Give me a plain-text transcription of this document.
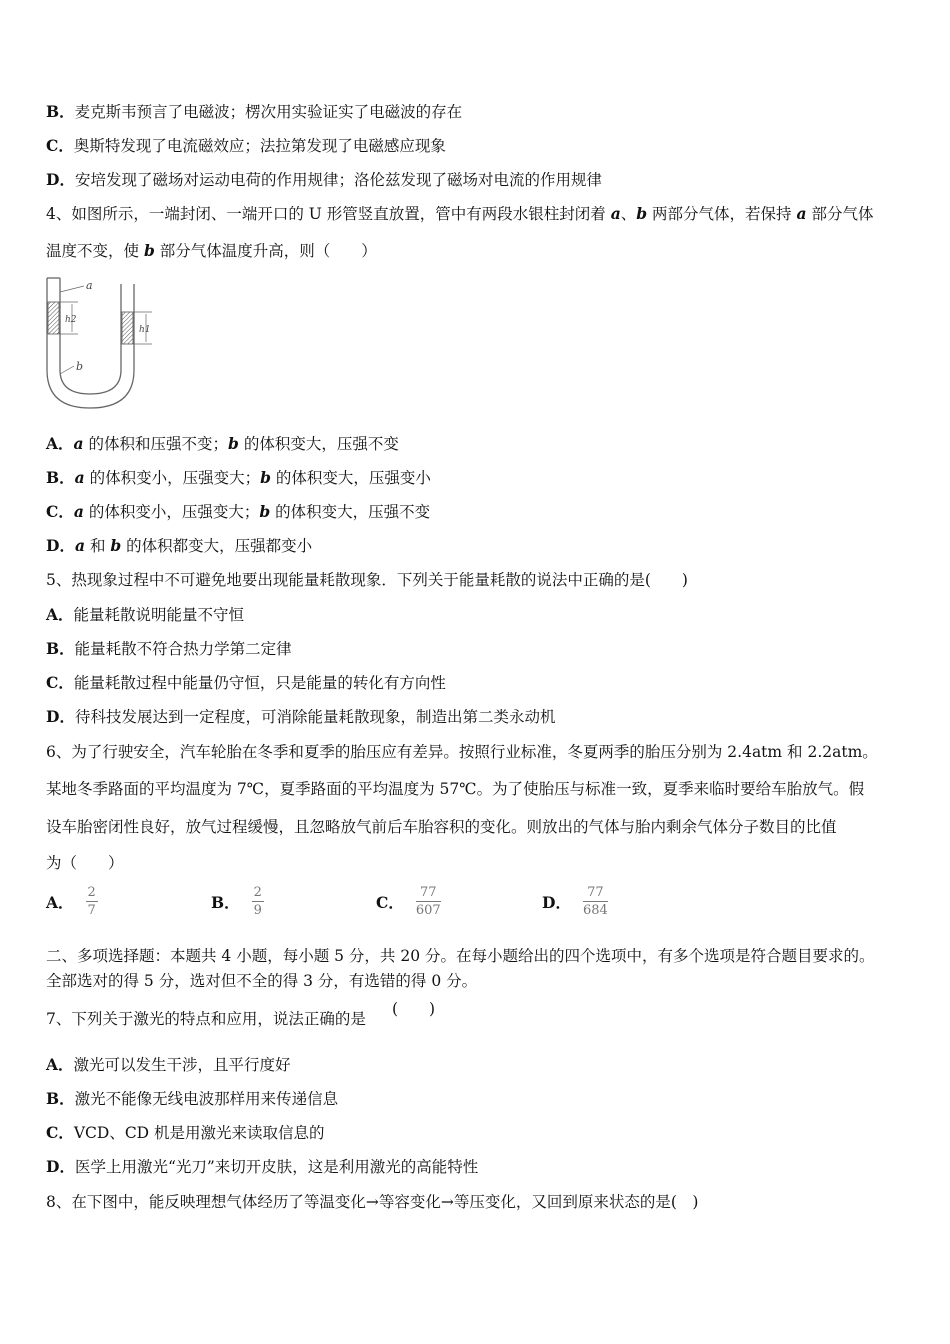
B．麦克斯韦预言了电磁波；楞次用实验证实了电磁波的存在
C．奥斯特发现了电流磁效应；法拉第发现了电磁感应现象
D．安培发现了磁场对运动电荷的作用规律；洛伦兹发现了磁场对电流的作用规律
4、如图所示，一端封闭、一端开口的 U 形管竖直放置，管中有两段水银柱封闭着 a、b 两部分气体，若保持 a 部分气体
温度不变，使 b 部分气体温度升高，则（　　）
a
b
h2
h1
A．a 的体积和压强不变；b 的体积变大，压强不变
B．a 的体积变小，压强变大；b 的体积变大，压强变小
C．a 的体积变小，压强变大；b 的体积变大，压强不变
D．a 和 b 的体积都变大，压强都变小
5、热现象过程中不可避免地要出现能量耗散现象．下列关于能量耗散的说法中正确的是(　　)
A．能量耗散说明能量不守恒
B．能量耗散不符合热力学第二定律
C．能量耗散过程中能量仍守恒，只是能量的转化有方向性
D．待科技发展达到一定程度，可消除能量耗散现象，制造出第二类永动机
6、为了行驶安全，汽车轮胎在冬季和夏季的胎压应有差异。按照行业标准，冬夏两季的胎压分别为 2.4atm 和 2.2atm。
某地冬季路面的平均温度为 7℃，夏季路面的平均温度为 57℃。为了使胎压与标准一致，夏季来临时要给车胎放气。假
设车胎密闭性良好，放气过程缓慢，且忽略放气前后车胎容积的变化。则放出的气体与胎内剩余气体分子数目的比值
为（　　）
A． $\frac{2}{7}$	B． $\frac{2}{9}$	C． $\frac{77}{607}$	D． $\frac{77}{684}$
二、多项选择题：本题共 4 小题，每小题 5 分，共 20 分。在每小题给出的四个选项中，有多个选项是符合题目要求的。
全部选对的得 5 分，选对但不全的得 3 分，有选错的得 0 分。
7、下列关于激光的特点和应用，说法正确的是
(　　)
A．激光可以发生干涉，且平行度好
B．激光不能像无线电波那样用来传递信息
C．VCD、CD 机是用激光来读取信息的
D．医学上用激光“光刀”来切开皮肤，这是利用激光的高能特性
8、在下图中，能反映理想气体经历了等温变化→等容变化→等压变化，又回到原来状态的是(　)
